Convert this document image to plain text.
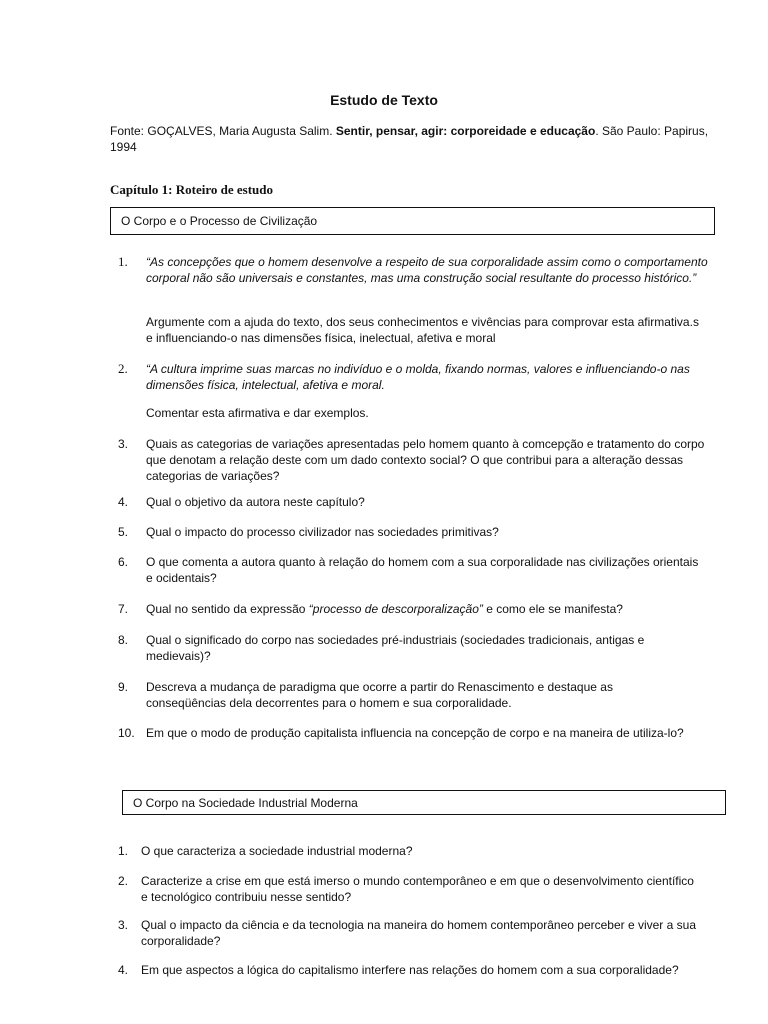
Estudo de Texto
Fonte: GOÇALVES, Maria Augusta Salim. Sentir, pensar, agir: corporeidade e educação. São Paulo: Papirus, 1994
Capítulo 1: Roteiro de estudo
O Corpo e o Processo de Civilização
1. “As concepções que o homem desenvolve a respeito de sua corporalidade assim como o comportamento corporal não são universais e constantes, mas uma construção social resultante do processo histórico.”
Argumente com a ajuda do texto, dos seus conhecimentos e vivências para comprovar esta afirmativa.s e influenciando-o nas dimensões física, inelectual, afetiva e moral
2. “A cultura imprime suas marcas no indivíduo e o molda, fixando normas, valores e influenciando-o nas dimensões física, intelectual, afetiva e moral.
Comentar esta afirmativa e dar exemplos.
3. Quais as categorias de variações apresentadas pelo homem quanto à comcepção e tratamento do corpo que denotam a relação deste com um dado contexto social? O que contribui para a alteração dessas categorias de variações?
4. Qual o objetivo da autora neste capítulo?
5. Qual o impacto do processo civilizador nas sociedades primitivas?
6. O que comenta a autora quanto à relação do homem com a sua corporalidade nas civilizações orientais e ocidentais?
7. Qual no sentido da expressão “processo de descorporalização” e como ele se manifesta?
8. Qual o significado do corpo nas sociedades pré-industriais (sociedades tradicionais, antigas e medievais)?
9. Descreva a mudança de paradigma que ocorre a partir do Renascimento e destaque as conseqüências dela decorrentes para o homem e sua corporalidade.
10. Em que o modo de produção capitalista influencia na concepção de corpo e na maneira de utiliza-lo?
O Corpo na Sociedade Industrial Moderna
1. O que caracteriza a sociedade industrial moderna?
2. Caracterize a crise em que está imerso o mundo contemporâneo e em que o desenvolvimento científico e tecnológico contribuiu nesse sentido?
3. Qual o impacto da ciência e da tecnologia na maneira do homem contemporâneo perceber e viver a sua corporalidade?
4. Em que aspectos a lógica do capitalismo interfere nas relações do homem com a sua corporalidade?
